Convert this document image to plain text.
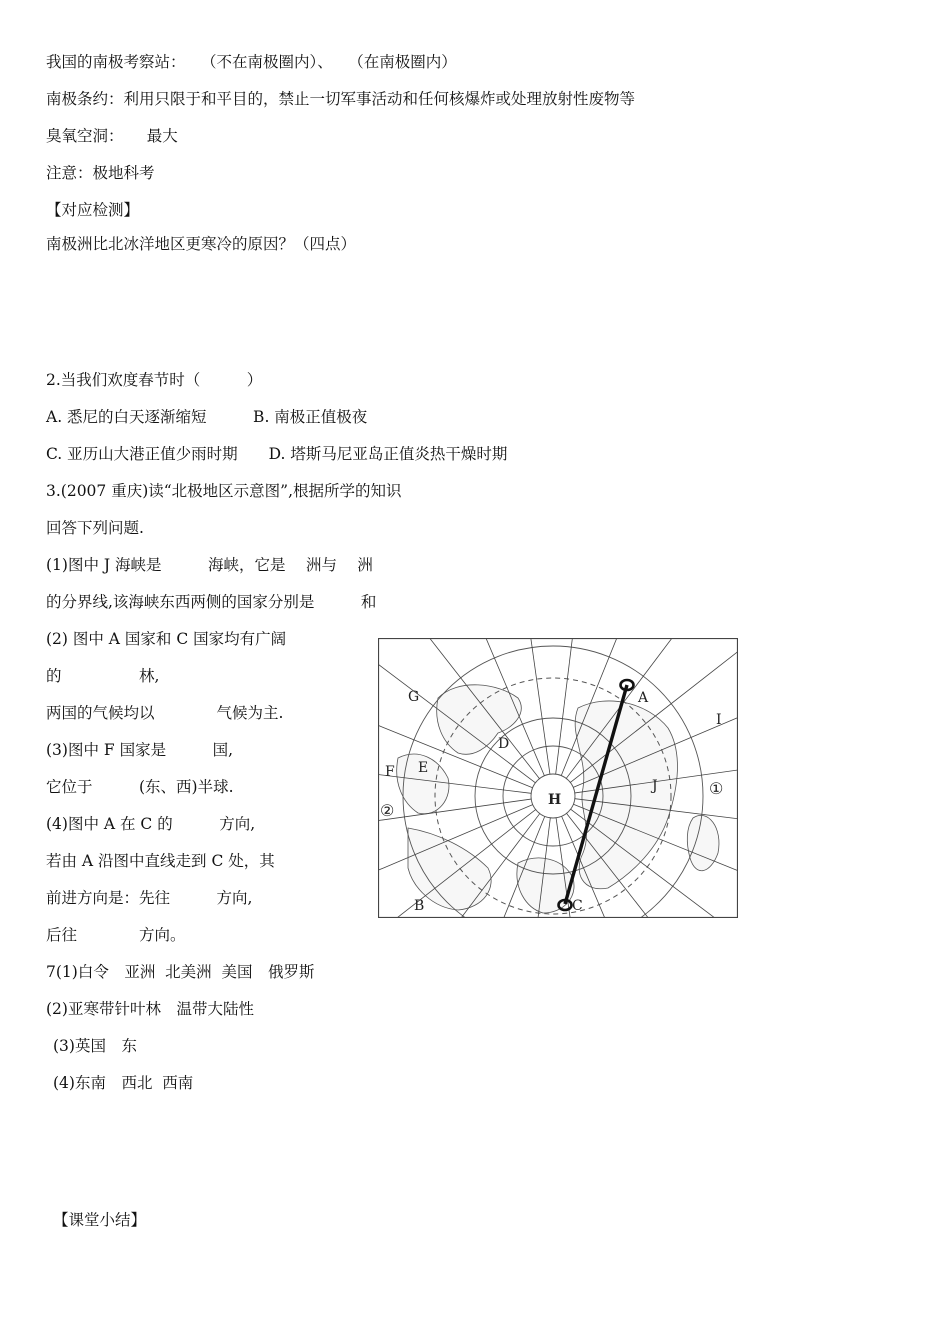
我国的南极考察站：　　（不在南极圈内）、　　（在南极圈内）
南极条约：利用只限于和平目的，禁止一切军事活动和任何核爆炸或处理放射性废物等
臭氧空洞：　　最大
注意：极地科考
【对应检测】
南极洲比北冰洋地区更寒冷的原因？（四点）
2.当我们欢度春节时（　　　）
A. 悉尼的白天逐渐缩短　　　B. 南极正值极夜
C. 亚历山大港正值少雨时期　　D. 塔斯马尼亚岛正值炎热干燥时期
3.(2007 重庆)读“北极地区示意图”,根据所学的知识
回答下列问题.
(1)图中 J 海峡是　　　海峡，它是　 洲与　 洲
的分界线,该海峡东西两侧的国家分别是　　　和
(2) 图中 A 国家和 C 国家均有广阔
的　　　　　林,
两国的气候均以　　　　气候为主.
(3)图中 F 国家是　　　国,
它位于　　　(东、西)半球.
(4)图中 A 在 C 的　　　方向,
若由 A 沿图中直线走到 C 处，其
前进方向是：先往　　　方向,
后往　　　　方向。
7(1)白令　亚洲  北美洲  美国　俄罗斯
(2)亚寒带针叶林　温带大陆性
(3)英国　东
(4)东南　西北  西南
【课堂小结】
A
B	C
D
E
F
G
H
I
J	①
②
